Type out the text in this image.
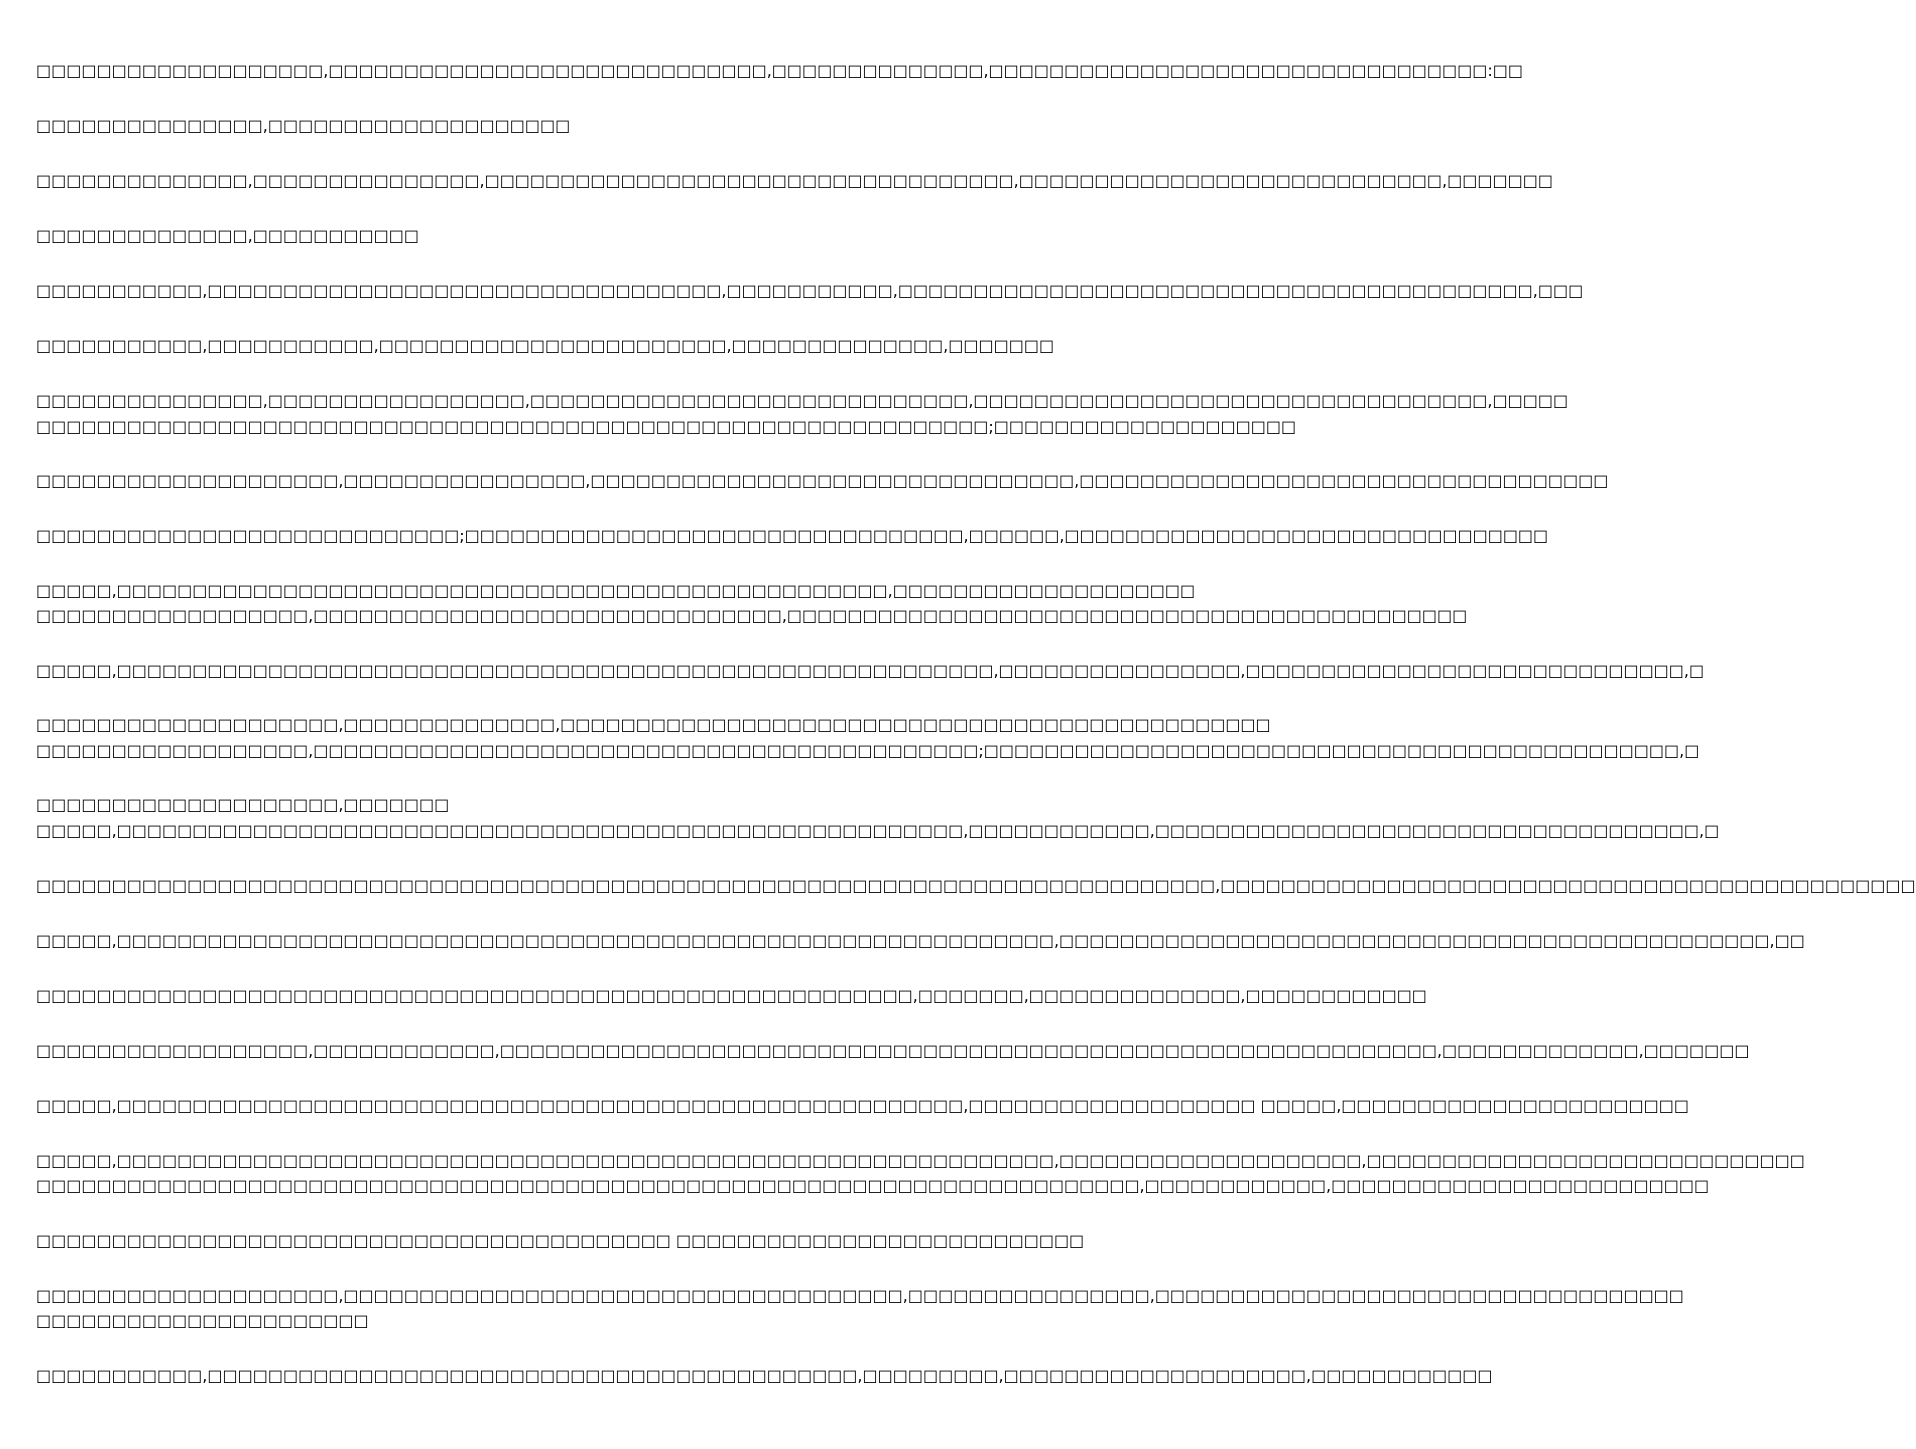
□□□□□□□□□□□□□□□□□□□,□□□□□□□□□□□□□□□□□□□□□□□□□□□□□,□□□□□□□□□□□□□□,□□□□□□□□□□□□□□□□□□□□□□□□□□□□□□□□□:□□
□□□□□□□□□□□□□□□,□□□□□□□□□□□□□□□□□□□□
□□□□□□□□□□□□□□,□□□□□□□□□□□□□□□,□□□□□□□□□□□□□□□□□□□□□□□□□□□□□□□□□□□,□□□□□□□□□□□□□□□□□□□□□□□□□□□□,□□□□□□□
□□□□□□□□□□□□□□,□□□□□□□□□□□
□□□□□□□□□□□,□□□□□□□□□□□□□□□□□□□□□□□□□□□□□□□□□□,□□□□□□□□□□□,□□□□□□□□□□□□□□□□□□□□□□□□□□□□□□□□□□□□□□□□□□,□□□
□□□□□□□□□□□,□□□□□□□□□□□,□□□□□□□□□□□□□□□□□□□□□□□,□□□□□□□□□□□□□□,□□□□□□□
□□□□□□□□□□□□□□□,□□□□□□□□□□□□□□□□□,□□□□□□□□□□□□□□□□□□□□□□□□□□□□□,□□□□□□□□□□□□□□□□□□□□□□□□□□□□□□□□□□,□□□□□
□□□□□□□□□□□□□□□□□□□□□□□□□□□□□□□□□□□□□□□□□□□□□□□□□□□□□□□□□□□□□□□;□□□□□□□□□□□□□□□□□□□□
□□□□□□□□□□□□□□□□□□□□,□□□□□□□□□□□□□□□□,□□□□□□□□□□□□□□□□□□□□□□□□□□□□□□□□,□□□□□□□□□□□□□□□□□□□□□□□□□□□□□□□□□□□
□□□□□□□□□□□□□□□□□□□□□□□□□□□□;□□□□□□□□□□□□□□□□□□□□□□□□□□□□□□□□□,□□□□□□,□□□□□□□□□□□□□□□□□□□□□□□□□□□□□□□□
□□□□□,□□□□□□□□□□□□□□□□□□□□□□□□□□□□□□□□□□□□□□□□□□□□□□□□□□□,□□□□□□□□□□□□□□□□□□□□
□□□□□□□□□□□□□□□□□□,□□□□□□□□□□□□□□□□□□□□□□□□□□□□□□□,□□□□□□□□□□□□□□□□□□□□□□□□□□□□□□□□□□□□□□□□□□□□□
□□□□□,□□□□□□□□□□□□□□□□□□□□□□□□□□□□□□□□□□□□□□□□□□□□□□□□□□□□□□□□□□,□□□□□□□□□□□□□□□□,□□□□□□□□□□□□□□□□□□□□□□□□□□□□□,□
□□□□□□□□□□□□□□□□□□□□,□□□□□□□□□□□□□□,□□□□□□□□□□□□□□□□□□□□□□□□□□□□□□□□□□□□□□□□□□□□□□□
□□□□□□□□□□□□□□□□□□,□□□□□□□□□□□□□□□□□□□□□□□□□□□□□□□□□□□□□□□□□□□□;□□□□□□□□□□□□□□□□□□□□□□□□□□□□□□□□□□□□□□□□□□□□□□,□
□□□□□□□□□□□□□□□□□□□□,□□□□□□□
□□□□□,□□□□□□□□□□□□□□□□□□□□□□□□□□□□□□□□□□□□□□□□□□□□□□□□□□□□□□□□,□□□□□□□□□□□□,□□□□□□□□□□□□□□□□□□□□□□□□□□□□□□□□□□□□,□
□□□□□□□□□□□□□□□□□□□□□□□□□□□□□□□□□□□□□□□□□□□□□□□□□□□□□□□□□□□□□□□□□□□□□□□□□□□□□□,□□□□□□□□□□□□□□□□□□□□□□□□□□□□□□□□□□□□□□□□□□□□□□
□□□□□,□□□□□□□□□□□□□□□□□□□□□□□□□□□□□□□□□□□□□□□□□□□□□□□□□□□□□□□□□□□□□□,□□□□□□□□□□□□□□□□□□□□□□□□□□□□□□□□□□□□□□□□□□□□□□□,□□
□□□□□□□□□□□□□□□□□□□□□□□□□□□□□□□□□□□□□□□□□□□□□□□□□□□□□□□□□□,□□□□□□□,□□□□□□□□□□□□□□,□□□□□□□□□□□□
□□□□□□□□□□□□□□□□□□,□□□□□□□□□□□□,□□□□□□□□□□□□□□□□□□□□□□□□□□□□□□□□□□□□□□□□□□□□□□□□□□□□□□□□□□□□□□,□□□□□□□□□□□□□,□□□□□□□
□□□□□,□□□□□□□□□□□□□□□□□□□□□□□□□□□□□□□□□□□□□□□□□□□□□□□□□□□□□□□□,□□□□□□□□□□□□□□□□□□□ □□□□□,□□□□□□□□□□□□□□□□□□□□□□□
□□□□□,□□□□□□□□□□□□□□□□□□□□□□□□□□□□□□□□□□□□□□□□□□□□□□□□□□□□□□□□□□□□□□,□□□□□□□□□□□□□□□□□□□□,□□□□□□□□□□□□□□□□□□□□□□□□□□□□□
□□□□□□□□□□□□□□□□□□□□□□□□□□□□□□□□□□□□□□□□□□□□□□□□□□□□□□□□□□□□□□□□□□□□□□□□□,□□□□□□□□□□□□,□□□□□□□□□□□□□□□□□□□□□□□□□
□□□□□□□□□□□□□□□□□□□□□□□□□□□□□□□□□□□□□□□□□□ □□□□□□□□□□□□□□□□□□□□□□□□□□□
□□□□□□□□□□□□□□□□□□□□,□□□□□□□□□□□□□□□□□□□□□□□□□□□□□□□□□□□□□,□□□□□□□□□□□□□□□□,□□□□□□□□□□□□□□□□□□□□□□□□□□□□□□□□□□□
□□□□□□□□□□□□□□□□□□□□□□
□□□□□□□□□□□,□□□□□□□□□□□□□□□□□□□□□□□□□□□□□□□□□□□□□□□□□□□,□□□□□□□□□,□□□□□□□□□□□□□□□□□□□□,□□□□□□□□□□□□
